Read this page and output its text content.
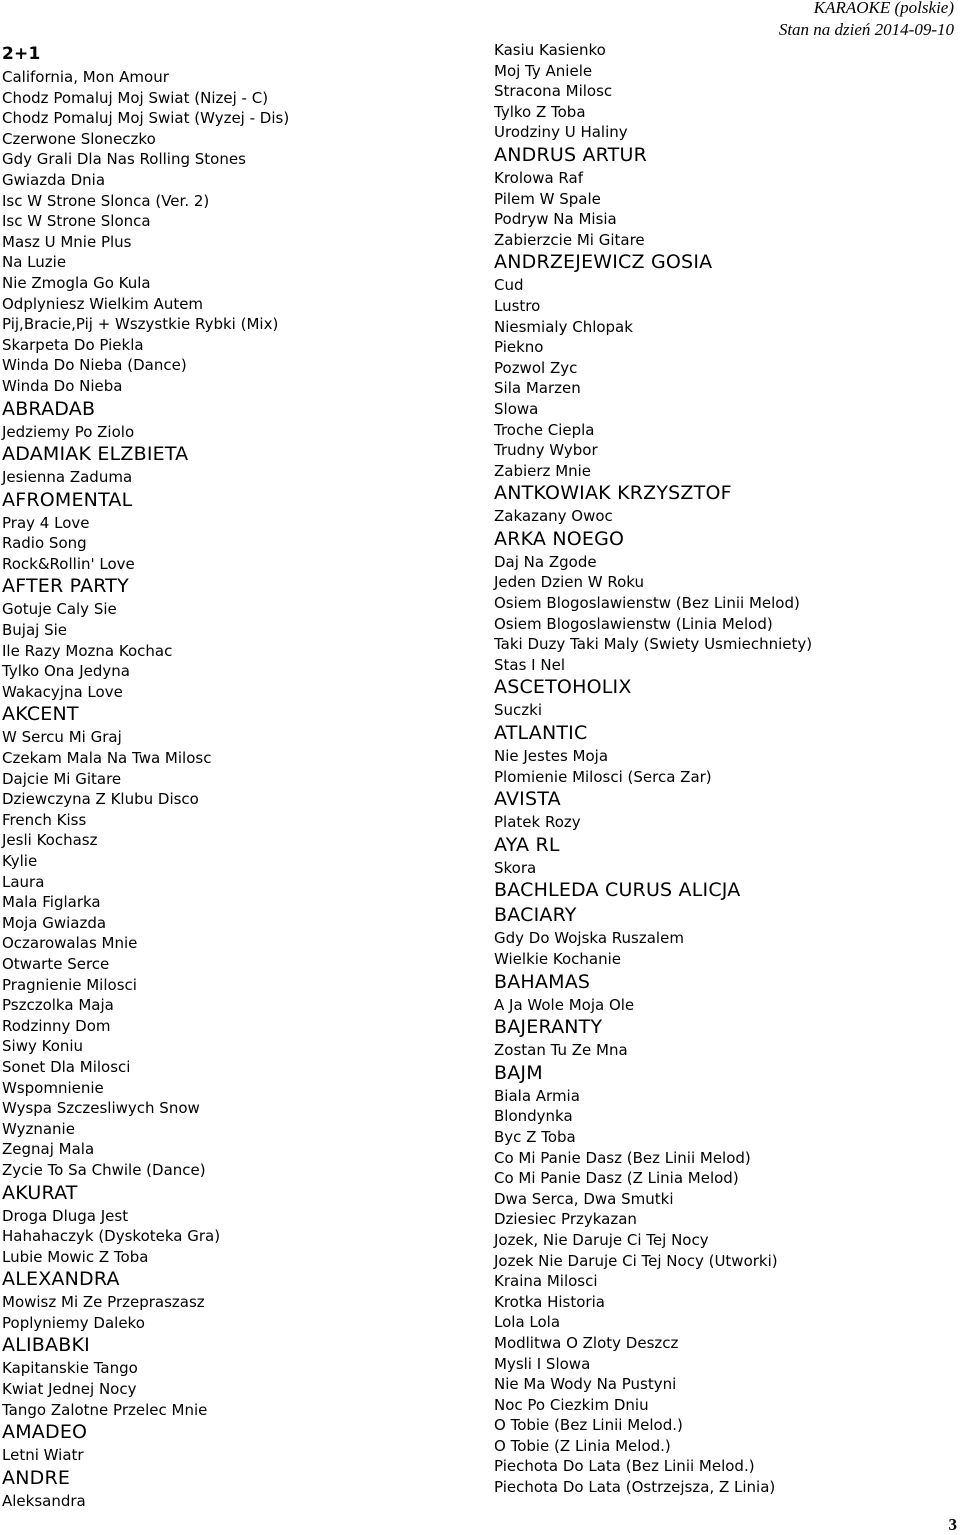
KARAOKE (polskie)
Stan na dzień 2014-09-10
2+1
California, Mon Amour
Chodz Pomaluj Moj Swiat (Nizej - C)
Chodz Pomaluj Moj Swiat (Wyzej - Dis)
Czerwone Sloneczko
Gdy Grali Dla Nas Rolling Stones
Gwiazda Dnia
Isc W Strone Slonca (Ver. 2)
Isc W Strone Slonca
Masz U Mnie Plus
Na Luzie
Nie Zmogla Go Kula
Odplyniesz Wielkim Autem
Pij,Bracie,Pij + Wszystkie Rybki (Mix)
Skarpeta Do Piekla
Winda Do Nieba (Dance)
Winda Do Nieba
ABRADAB
Jedziemy Po Ziolo
ADAMIAK ELZBIETA
Jesienna Zaduma
AFROMENTAL
Pray 4 Love
Radio Song
Rock&Rollin' Love
AFTER PARTY
Gotuje Caly Sie
Bujaj Sie
Ile Razy Mozna Kochac
Tylko Ona Jedyna
Wakacyjna Love
AKCENT
W Sercu Mi Graj
Czekam Mala Na Twa Milosc
Dajcie Mi Gitare
Dziewczyna Z Klubu Disco
French Kiss
Jesli Kochasz
Kylie
Laura
Mala Figlarka
Moja Gwiazda
Oczarowalas Mnie
Otwarte Serce
Pragnienie Milosci
Pszczolka Maja
Rodzinny Dom
Siwy Koniu
Sonet Dla Milosci
Wspomnienie
Wyspa Szczesliwych Snow
Wyznanie
Zegnaj Mala
Zycie To Sa Chwile (Dance)
AKURAT
Droga Dluga Jest
Hahahaczyk (Dyskoteka Gra)
Lubie Mowic Z Toba
ALEXANDRA
Mowisz Mi Ze Przepraszasz
Poplyniemy Daleko
ALIBABKI
Kapitanskie Tango
Kwiat Jednej Nocy
Tango Zalotne Przelec Mnie
AMADEO
Letni Wiatr
ANDRE
Aleksandra
Kasiu Kasienko
Moj Ty Aniele
Stracona Milosc
Tylko Z Toba
Urodziny U Haliny
ANDRUS ARTUR
Krolowa Raf
Pilem W Spale
Podryw Na Misia
Zabierzcie Mi Gitare
ANDRZEJEWICZ GOSIA
Cud
Lustro
Niesmialy Chlopak
Piekno
Pozwol Zyc
Sila Marzen
Slowa
Troche Ciepla
Trudny Wybor
Zabierz Mnie
ANTKOWIAK KRZYSZTOF
Zakazany Owoc
ARKA NOEGO
Daj Na Zgode
Jeden Dzien W Roku
Osiem Blogoslawienstw (Bez Linii Melod)
Osiem Blogoslawienstw (Linia Melod)
Taki Duzy Taki Maly (Swiety Usmiechniety)
Stas I Nel
ASCETOHOLIX
Suczki
ATLANTIC
Nie Jestes Moja
Plomienie Milosci (Serca Zar)
AVISTA
Platek Rozy
AYA RL
Skora
BACHLEDA CURUS ALICJA
BACIARY
Gdy Do Wojska Ruszalem
Wielkie Kochanie
BAHAMAS
A Ja Wole Moja Ole
BAJERANTY
Zostan Tu Ze Mna
BAJM
Biala Armia
Blondynka
Byc Z Toba
Co Mi Panie Dasz (Bez Linii Melod)
Co Mi Panie Dasz (Z Linia Melod)
Dwa Serca, Dwa Smutki
Dziesiec Przykazan
Jozek, Nie Daruje Ci Tej Nocy
Jozek Nie Daruje Ci Tej Nocy (Utworki)
Kraina Milosci
Krotka Historia
Lola Lola
Modlitwa O Zloty Deszcz
Mysli I Slowa
Nie Ma Wody Na Pustyni
Noc Po Ciezkim Dniu
O Tobie (Bez Linii Melod.)
O Tobie (Z Linia Melod.)
Piechota Do Lata (Bez Linii Melod.)
Piechota Do Lata (Ostrzejsza, Z Linia)
3
